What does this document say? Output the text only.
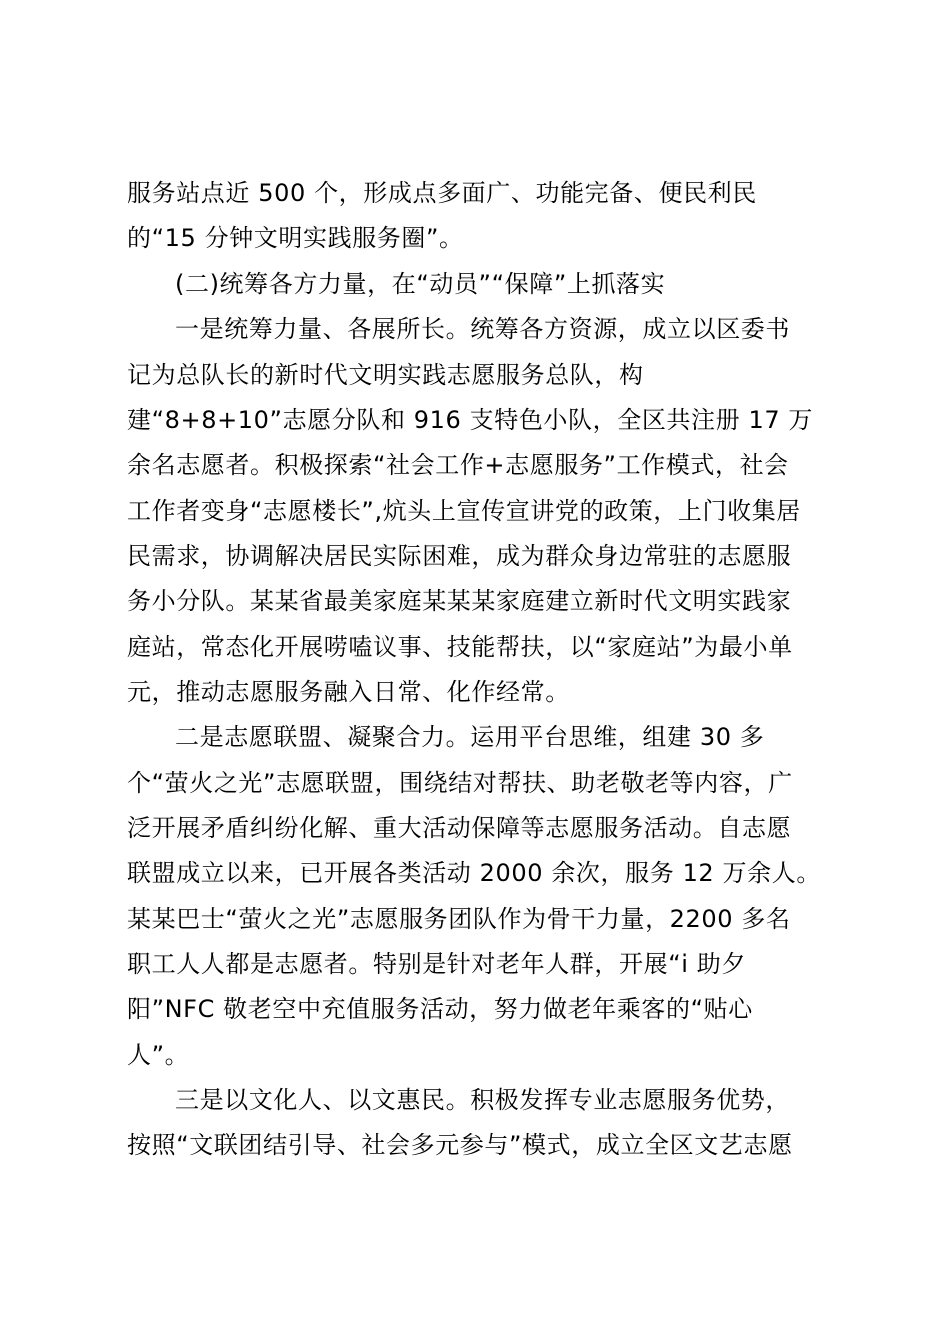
服务站点近 500 个，形成点多面广、功能完备、便民利民
的“15 分钟文明实践服务圈”。
(二)统筹各方力量，在“动员”“保障”上抓落实
一是统筹力量、各展所长。统筹各方资源，成立以区委书
记为总队长的新时代文明实践志愿服务总队，构
建“8+8+10”志愿分队和 916 支特色小队，全区共注册 17 万
余名志愿者。积极探索“社会工作+志愿服务”工作模式，社会
工作者变身“志愿楼长”,炕头上宣传宣讲党的政策，上门收集居
民需求，协调解决居民实际困难，成为群众身边常驻的志愿服
务小分队。某某省最美家庭某某某家庭建立新时代文明实践家
庭站，常态化开展唠嗑议事、技能帮扶，以“家庭站”为最小单
元，推动志愿服务融入日常、化作经常。
二是志愿联盟、凝聚合力。运用平台思维，组建 30 多
个“萤火之光”志愿联盟，围绕结对帮扶、助老敬老等内容，广
泛开展矛盾纠纷化解、重大活动保障等志愿服务活动。自志愿
联盟成立以来，已开展各类活动 2000 余次，服务 12 万余人。
某某巴士“萤火之光”志愿服务团队作为骨干力量，2200 多名
职工人人都是志愿者。特别是针对老年人群，开展“i 助夕
阳”NFC 敬老空中充值服务活动，努力做老年乘客的“贴心
人”。
三是以文化人、以文惠民。积极发挥专业志愿服务优势，
按照“文联团结引导、社会多元参与”模式，成立全区文艺志愿
